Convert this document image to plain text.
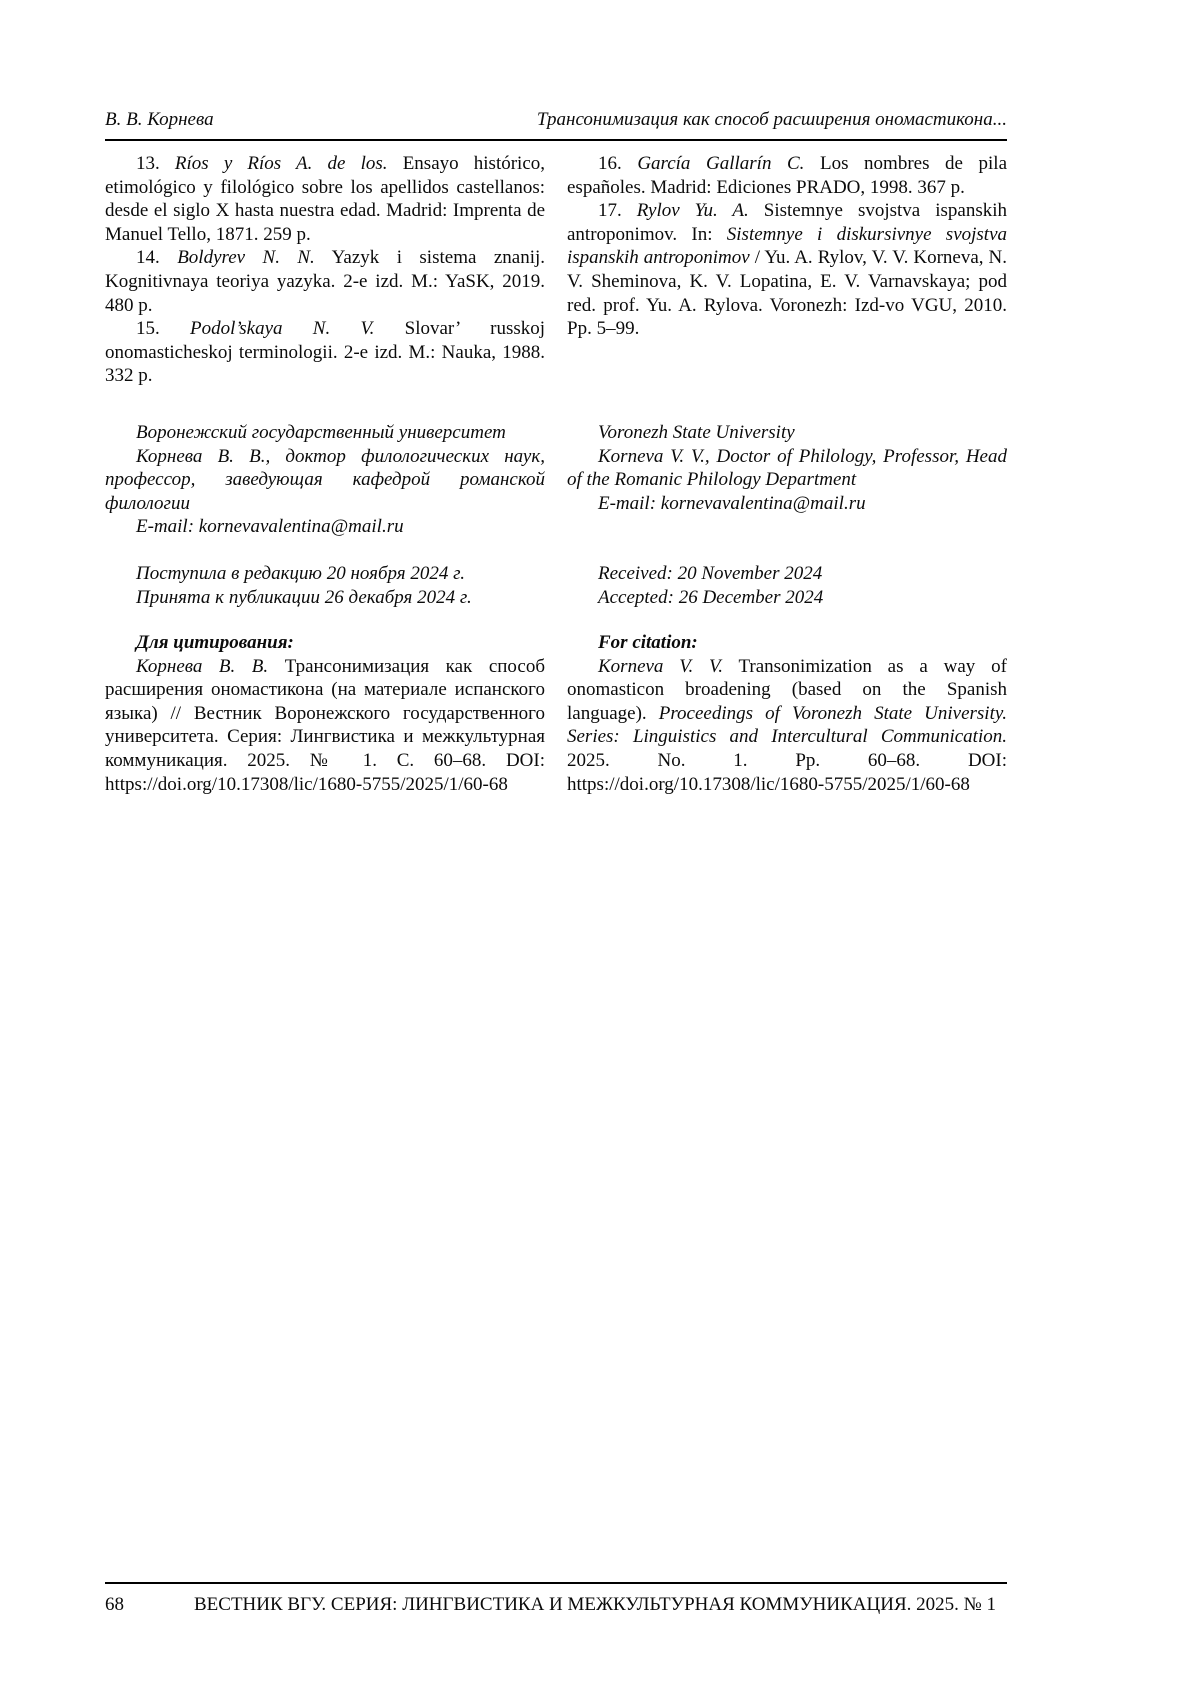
В. В. Корнева	Трансонимизация как способ расширения ономастикона...

13. Ríos y Ríos A. de los. Ensayo histórico, etimológico y filológico sobre los apellidos castellanos: desde el siglo X hasta nuestra edad. Madrid: Imprenta de Manuel Tello, 1871. 259 p.

14. Boldyrev N. N. Yazyk i sistema znanij. Kognitivnaya teoriya yazyka. 2-e izd. M.: YaSK, 2019. 480 p.

15. Podol’skaya N. V. Slovar’ russkoj onomasticheskoj terminologii. 2-e izd. M.: Nauka, 1988. 332 p.

16. García Gallarín C. Los nombres de pila españoles. Madrid: Ediciones PRADO, 1998. 367 p.

17. Rylov Yu. A. Sistemnye svojstva ispanskih antroponimov. In: Sistemnye i diskursivnye svojstva ispanskih antroponimov / Yu. A. Rylov, V. V. Korneva, N. V. Sheminova, K. V. Lopatina, E. V. Varnavskaya; pod red. prof. Yu. A. Rylova. Voronezh: Izd-vo VGU, 2010. Pp. 5–99.

Воронежский государственный университет

Корнева В. В., доктор филологических наук, профессор, заведующая кафедрой романской филологии

E-mail: kornevavalentina@mail.ru

Voronezh State University

Korneva V. V., Doctor of Philology, Professor, Head of the Romanic Philology Department

E-mail: kornevavalentina@mail.ru

Поступила в редакцию 20 ноября 2024 г.

Принята к публикации 26 декабря 2024 г.

Received: 20 November 2024

Accepted: 26 December 2024

Для цитирования:

Корнева В. В. Трансонимизация как способ расширения ономастикона (на материале испанского языка) // Вестник Воронежского государственного университета. Серия: Лингвистика и межкультурная коммуникация. 2025. № 1. С. 60–68. DOI: https://doi.org/10.17308/lic/1680-5755/2025/1/60-68

For citation:

Korneva V. V. Transonimization as a way of onomasticon broadening (based on the Spanish language). Proceedings of Voronezh State University. Series: Linguistics and Intercultural Communication. 2025. No. 1. Pp. 60–68. DOI: https://doi.org/10.17308/lic/1680-5755/2025/1/60-68

68	ВЕСТНИК ВГУ. СЕРИЯ: ЛИНГВИСТИКА И МЕЖКУЛЬТУРНАЯ КОММУНИКАЦИЯ. 2025. № 1
